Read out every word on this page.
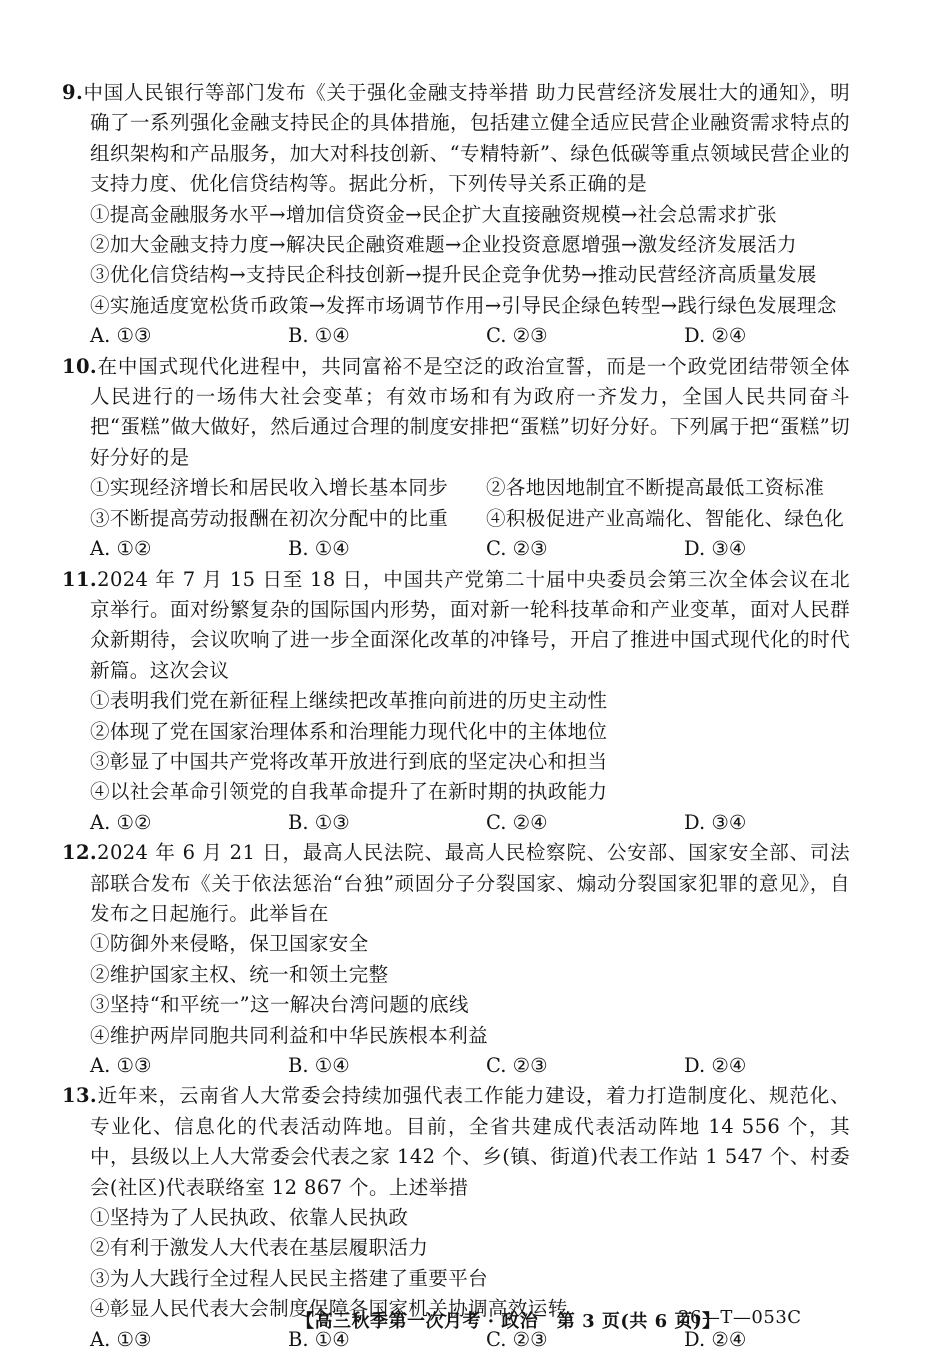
9.中国人民银行等部门发布《关于强化金融支持举措 助力民营经济发展壮大的通知》，明确了一系列强化金融支持民企的具体措施，包括建立健全适应民营企业融资需求特点的组织架构和产品服务，加大对科技创新、“专精特新”、绿色低碳等重点领域民营企业的支持力度、优化信贷结构等。据此分析，下列传导关系正确的是

①提高金融服务水平→增加信贷资金→民企扩大直接融资规模→社会总需求扩张
②加大金融支持力度→解决民企融资难题→企业投资意愿增强→激发经济发展活力
③优化信贷结构→支持民企科技创新→提升民企竞争优势→推动民营经济高质量发展
④实施适度宽松货币政策→发挥市场调节作用→引导民企绿色转型→践行绿色发展理念
A. ①③	B. ①④	C. ②③	D. ②④

10.在中国式现代化进程中，共同富裕不是空泛的政治宣誓，而是一个政党团结带领全体人民进行的一场伟大社会变革；有效市场和有为政府一齐发力，全国人民共同奋斗把“蛋糕”做大做好，然后通过合理的制度安排把“蛋糕”切好分好。下列属于把“蛋糕”切好分好的是

①实现经济增长和居民收入增长基本同步	②各地因地制宜不断提高最低工资标准
③不断提高劳动报酬在初次分配中的比重	④积极促进产业高端化、智能化、绿色化
A. ①②	B. ①④	C. ②③	D. ③④

11.2024 年 7 月 15 日至 18 日，中国共产党第二十届中央委员会第三次全体会议在北京举行。面对纷繁复杂的国际国内形势，面对新一轮科技革命和产业变革，面对人民群众新期待，会议吹响了进一步全面深化改革的冲锋号，开启了推进中国式现代化的时代新篇。这次会议

①表明我们党在新征程上继续把改革推向前进的历史主动性
②体现了党在国家治理体系和治理能力现代化中的主体地位
③彰显了中国共产党将改革开放进行到底的坚定决心和担当
④以社会革命引领党的自我革命提升了在新时期的执政能力
A. ①②	B. ①③	C. ②④	D. ③④

12.2024 年 6 月 21 日，最高人民法院、最高人民检察院、公安部、国家安全部、司法部联合发布《关于依法惩治“台独”顽固分子分裂国家、煽动分裂国家犯罪的意见》，自发布之日起施行。此举旨在

①防御外来侵略，保卫国家安全
②维护国家主权、统一和领土完整
③坚持“和平统一”这一解决台湾问题的底线
④维护两岸同胞共同利益和中华民族根本利益
A. ①③	B. ①④	C. ②③	D. ②④

13.近年来，云南省人大常委会持续加强代表工作能力建设，着力打造制度化、规范化、专业化、信息化的代表活动阵地。目前，全省共建成代表活动阵地 14 556 个，其中，县级以上人大常委会代表之家 142 个、乡(镇、街道)代表工作站 1 547 个、村委会(社区)代表联络室 12 867 个。上述举措

①坚持为了人民执政、依靠人民执政
②有利于激发人大代表在基层履职活力
③为人大践行全过程人民民主搭建了重要平台
④彰显人民代表大会制度保障各国家机关协调高效运转
A. ①③	B. ①④	C. ②③	D. ②④
【高三秋季第一次月考 · 政治　第 3 页(共 6 页)】
26—T—053C
